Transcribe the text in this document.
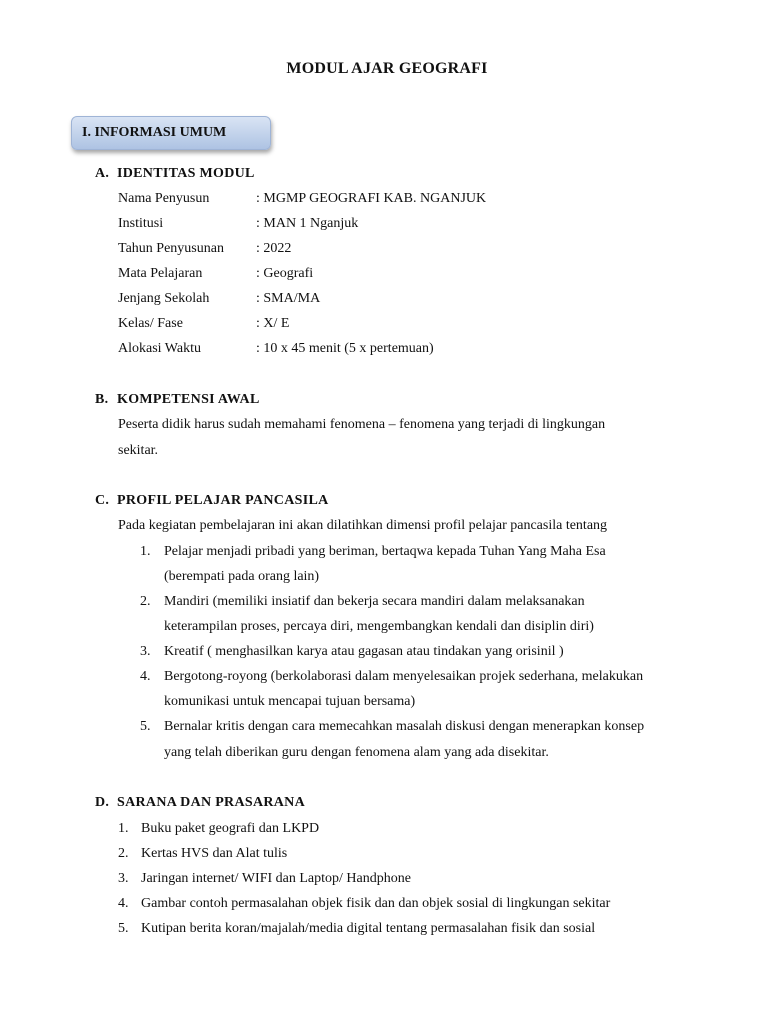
MODUL AJAR GEOGRAFI
I. INFORMASI UMUM
A. IDENTITAS MODUL
Nama Penyusun	: MGMP GEOGRAFI KAB. NGANJUK
Institusi	: MAN 1 Nganjuk
Tahun Penyusunan : 2022
Mata Pelajaran	: Geografi
Jenjang Sekolah	: SMA/MA
Kelas/ Fase	: X/ E
Alokasi Waktu	: 10 x 45 menit (5 x pertemuan)
B. KOMPETENSI AWAL
Peserta didik harus sudah memahami fenomena – fenomena yang terjadi di lingkungan
sekitar.
C. PROFIL PELAJAR PANCASILA
Pada kegiatan pembelajaran ini akan dilatihkan dimensi profil pelajar pancasila tentang
1. Pelajar menjadi pribadi yang beriman, bertaqwa kepada Tuhan Yang Maha Esa
(berempati pada orang lain)
2. Mandiri (memiliki insiatif dan bekerja secara mandiri dalam melaksanakan
keterampilan proses, percaya diri, mengembangkan kendali dan disiplin diri)
3. Kreatif ( menghasilkan karya atau gagasan atau tindakan yang orisinil )
4. Bergotong-royong (berkolaborasi dalam menyelesaikan projek sederhana, melakukan
komunikasi untuk mencapai tujuan bersama)
5. Bernalar kritis dengan cara memecahkan masalah diskusi dengan menerapkan konsep
yang telah diberikan guru dengan fenomena alam yang ada disekitar.
D. SARANA DAN PRASARANA
1. Buku paket geografi dan LKPD
2. Kertas HVS dan Alat tulis
3. Jaringan internet/ WIFI dan Laptop/ Handphone
4. Gambar contoh permasalahan objek fisik dan dan objek sosial di lingkungan sekitar
5. Kutipan berita koran/majalah/media digital tentang permasalahan fisik dan sosial
